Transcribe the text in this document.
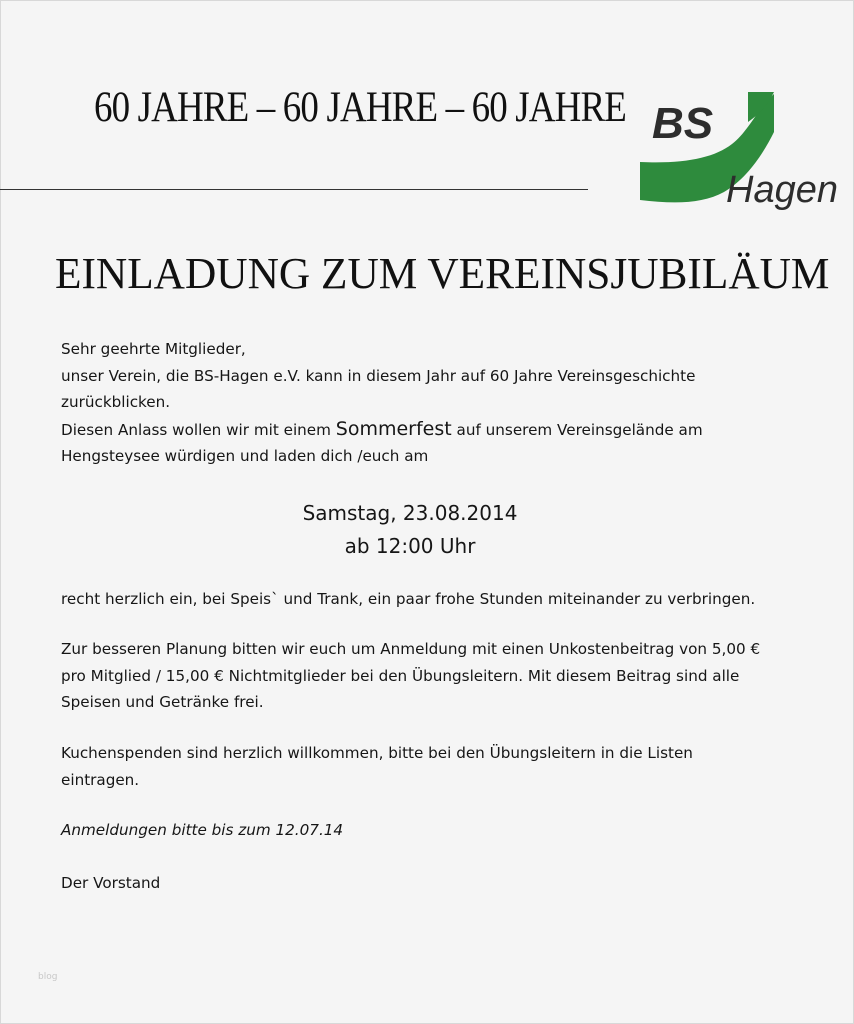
60 JAHRE – 60 JAHRE – 60 JAHRE BS
Hagen
EINLADUNG ZUM VEREINSJUBILÄUM
Sehr geehrte Mitglieder,
unser Verein, die BS-Hagen e.V. kann in diesem Jahr auf 60 Jahre Vereinsgeschichte
zurückblicken.
Diesen Anlass wollen wir mit einem Sommerfest auf unserem Vereinsgelände am
Hengsteysee würdigen und laden dich /euch am
Samstag, 23.08.2014
ab 12:00 Uhr
recht herzlich ein, bei Speis` und Trank, ein paar frohe Stunden miteinander zu verbringen.
Zur besseren Planung bitten wir euch um Anmeldung mit einen Unkostenbeitrag von 5,00 €
pro Mitglied / 15,00 € Nichtmitglieder bei den Übungsleitern. Mit diesem Beitrag sind alle
Speisen und Getränke frei.
Kuchenspenden sind herzlich willkommen, bitte bei den Übungsleitern in die Listen
eintragen.
Anmeldungen bitte bis zum 12.07.14
Der Vorstand
blog
